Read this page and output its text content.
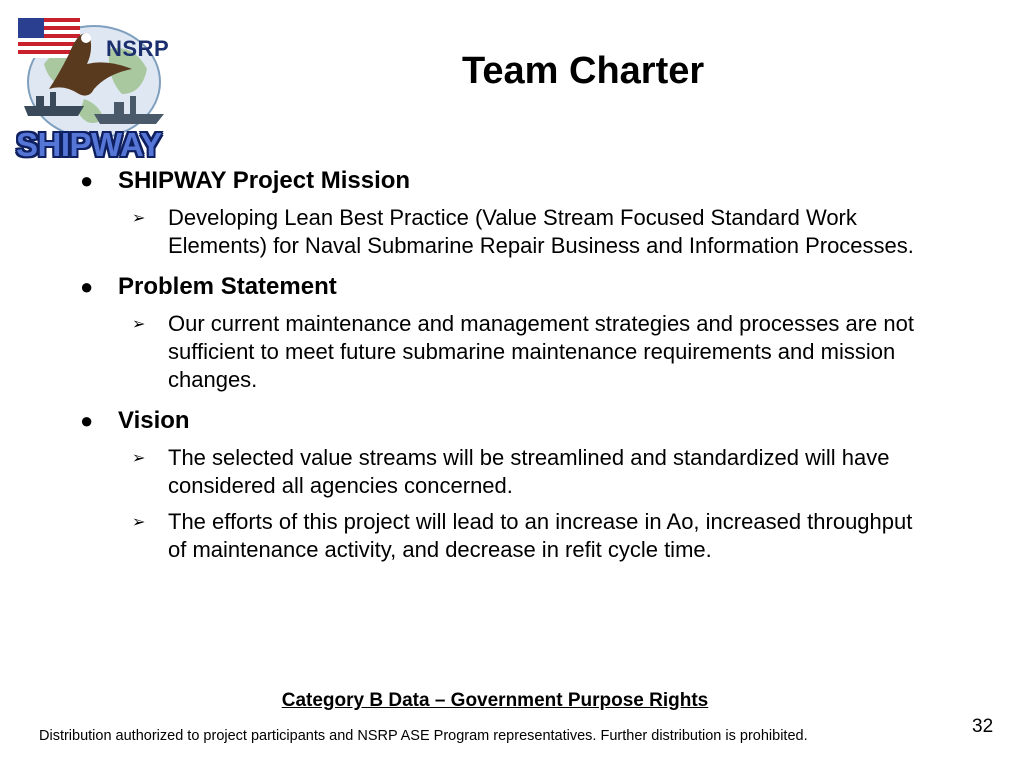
NSRP
SHIPWAY
Team Charter
●	SHIPWAY Project Mission
➢	Developing Lean Best Practice (Value Stream Focused Standard Work Elements) for Naval Submarine Repair Business and Information Processes.
●	Problem Statement
➢	Our current maintenance and management strategies and processes are not sufficient to meet future submarine maintenance requirements and mission changes.
●	Vision
➢	The selected value streams will be streamlined and standardized will have considered all agencies concerned.
➢	The efforts of this project will lead to an increase in Ao, increased throughput of maintenance activity, and decrease in refit cycle time.
Category B Data – Government Purpose Rights
Distribution authorized to project participants and NSRP ASE Program representatives. Further distribution is prohibited.	32
